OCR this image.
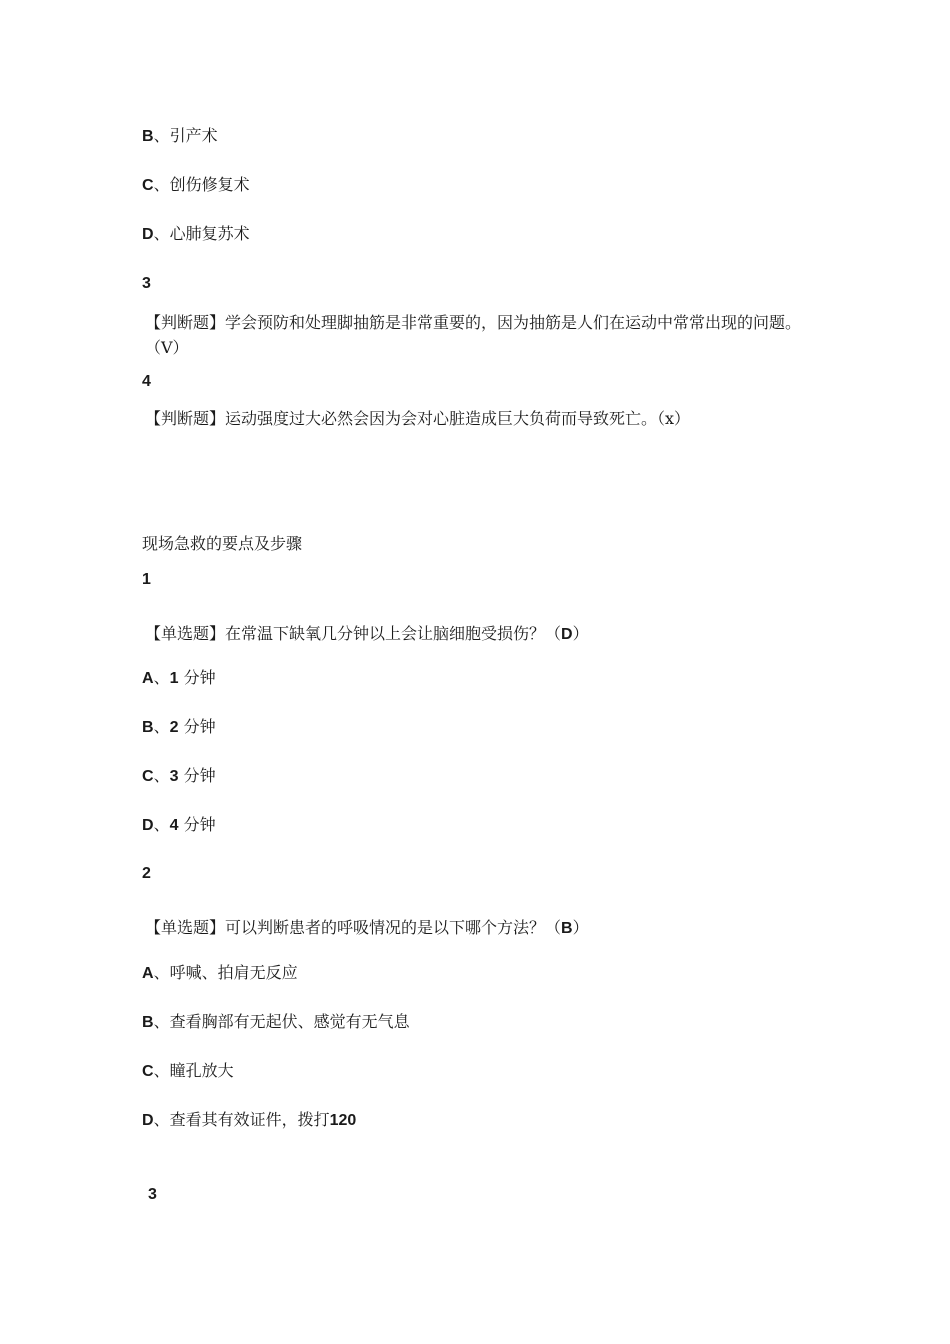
B、引产术
C、创伤修复术
D、心肺复苏术
3
【判断题】学会预防和处理脚抽筋是非常重要的，因为抽筋是人们在运动中常常出现的问题。（V）
4
【判断题】运动强度过大必然会因为会对心脏造成巨大负荷而导致死亡。（x）
现场急救的要点及步骤
1
【单选题】在常温下缺氧几分钟以上会让脑细胞受损伤？（D）
A、1 分钟
B、2 分钟
C、3 分钟
D、4 分钟
2
【单选题】可以判断患者的呼吸情况的是以下哪个方法？（B）
A、呼喊、拍肩无反应
B、查看胸部有无起伏、感觉有无气息
C、瞳孔放大
D、查看其有效证件，拨打120
3
